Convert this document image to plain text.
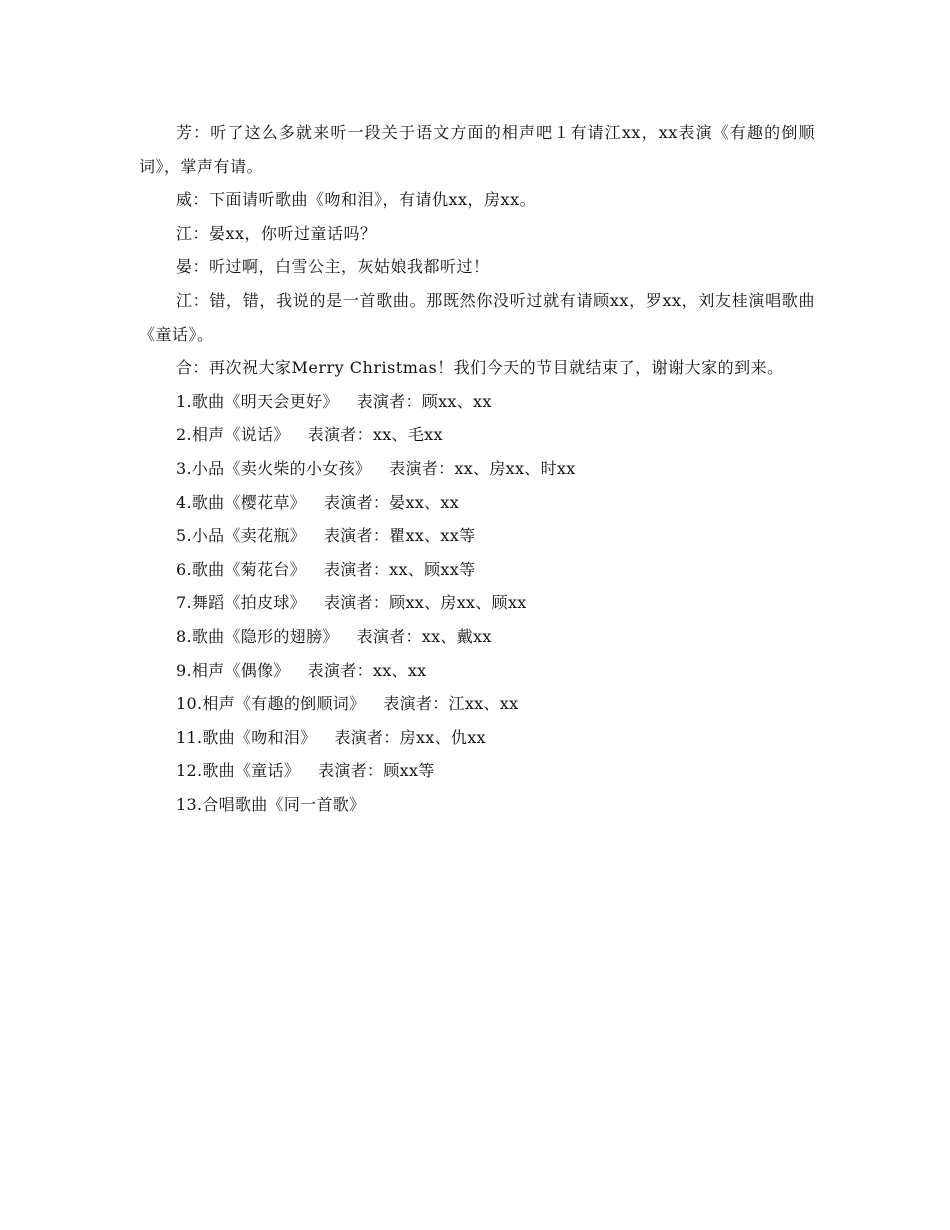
芳：听了这么多就来听一段关于语文方面的相声吧１有请江xx，xx表演《有趣的倒顺词》，掌声有请。

威：下面请听歌曲《吻和泪》，有请仇xx，房xx。

江：晏xx，你听过童话吗？

晏：听过啊，白雪公主，灰姑娘我都听过！

江：错，错，我说的是一首歌曲。那既然你没听过就有请顾xx，罗xx，刘友桂演唱歌曲《童话》。

合：再次祝大家Merry Christmas！我们今天的节目就结束了，谢谢大家的到来。

1.歌曲《明天会更好》 表演者：顾xx、xx
2.相声《说话》 表演者：xx、毛xx
3.小品《卖火柴的小女孩》 表演者：xx、房xx、时xx
4.歌曲《樱花草》 表演者：晏xx、xx
5.小品《卖花瓶》 表演者：瞿xx、xx等
6.歌曲《菊花台》 表演者：xx、顾xx等
7.舞蹈《拍皮球》 表演者：顾xx、房xx、顾xx
8.歌曲《隐形的翅膀》 表演者：xx、戴xx
9.相声《偶像》 表演者：xx、xx
10.相声《有趣的倒顺词》 表演者：江xx、xx
11.歌曲《吻和泪》 表演者：房xx、仇xx
12.歌曲《童话》 表演者：顾xx等
13.合唱歌曲《同一首歌》
